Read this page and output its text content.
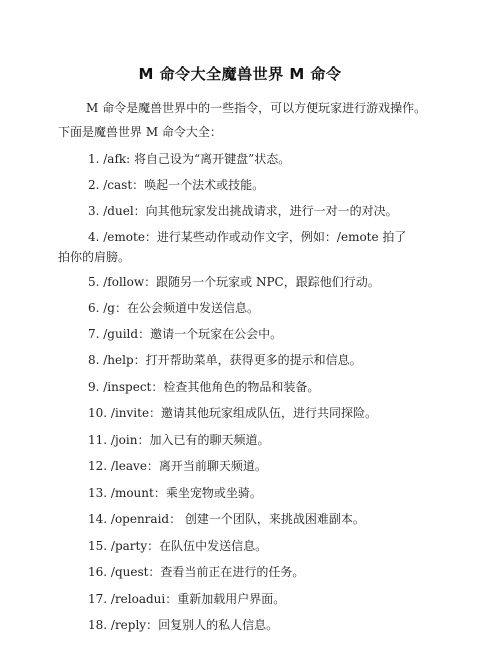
M 命令大全魔兽世界 M 命令
M 命令是魔兽世界中的一些指令，可以方便玩家进行游戏操作。下面是魔兽世界 M 命令大全：
1. /afk: 将自己设为“离开键盘”状态。
2. /cast：唤起一个法术或技能。
3. /duel：向其他玩家发出挑战请求，进行一对一的对决。
4. /emote：进行某些动作或动作文字，例如：/emote 拍了拍你的肩膀。
5. /follow：跟随另一个玩家或 NPC，跟踪他们行动。
6. /g：在公会频道中发送信息。
7. /guild：邀请一个玩家在公会中。
8. /help：打开帮助菜单，获得更多的提示和信息。
9. /inspect：检查其他角色的物品和装备。
10. /invite：邀请其他玩家组成队伍，进行共同探险。
11. /join：加入已有的聊天频道。
12. /leave：离开当前聊天频道。
13. /mount：乘坐宠物或坐骑。
14. /openraid： 创建一个团队，来挑战困难副本。
15. /party：在队伍中发送信息。
16. /quest：查看当前正在进行的任务。
17. /reloadui：重新加载用户界面。
18. /reply：回复别人的私人信息。
